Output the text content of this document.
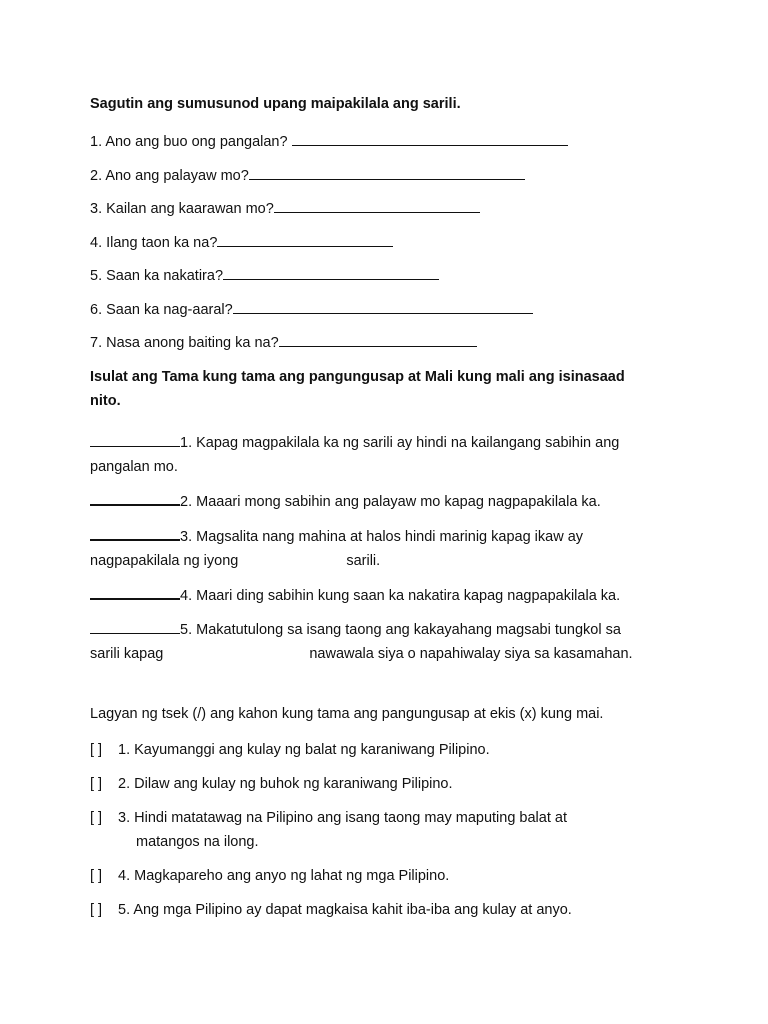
Sagutin ang sumusunod upang maipakilala ang sarili.

1. Ano ang buo ong pangalan?
2. Ano ang palayaw mo?
3. Kailan ang kaarawan mo?
4. Ilang taon ka na?
5. Saan ka nakatira?
6. Saan ka nag-aaral?
7. Nasa anong baiting ka na?

Isulat ang Tama kung tama ang pangungusap at Mali kung mali ang isinasaad
nito.

1. Kapag magpakilala ka ng sarili ay hindi na kailangang sabihin ang
pangalan mo.
2. Maaari mong sabihin ang palayaw mo kapag nagpapakilala ka.
3. Magsalita nang mahina at halos hindi marinig kapag ikaw ay
nagpapakilala ng iyong	sarili.
4. Maari ding sabihin kung saan ka nakatira kapag nagpapakilala ka.
5. Makatutulong sa isang taong ang kakayahang magsabi tungkol sa
sarili kapag	nawawala siya o napahiwalay siya sa kasamahan.
Lagyan ng tsek (/) ang kahon kung tama ang pangungusap at ekis (x) kung mai.
[ ] 1. Kayumanggi ang kulay ng balat ng karaniwang Pilipino.
[ ] 2. Dilaw ang kulay ng buhok ng karaniwang Pilipino.
[ ] 3. Hindi matatawag na Pilipino ang isang taong may maputing balat at
matangos na ilong.
[ ] 4. Magkapareho ang anyo ng lahat ng mga Pilipino.
[ ] 5. Ang mga Pilipino ay dapat magkaisa kahit iba-iba ang kulay at anyo.
